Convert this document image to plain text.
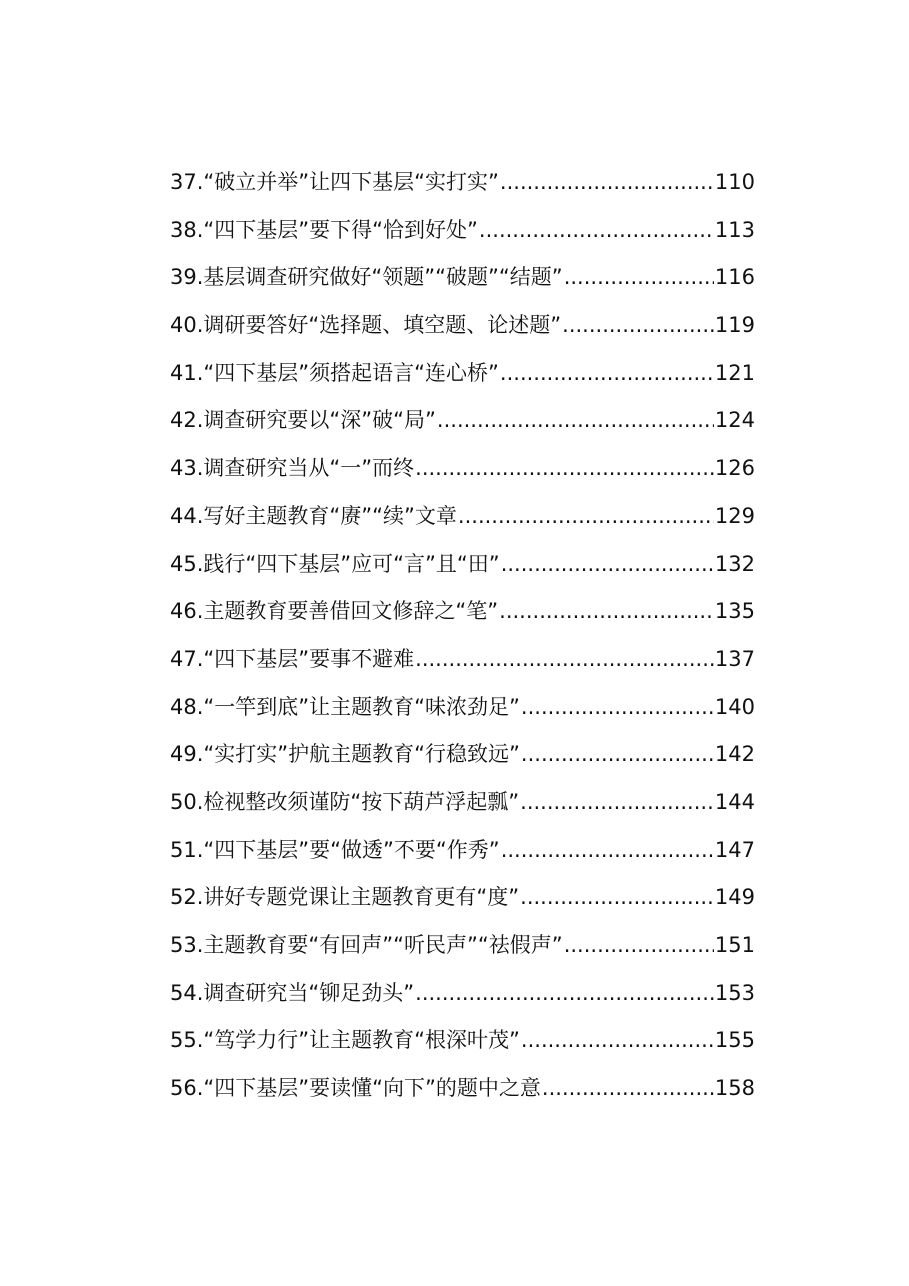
37.“破立并举”让四下基层“实打实” .....	110
38.“四下基层”要下得“恰到好处” .....	113
39.基层调查研究做好“领题”“破题”“结题” .....	116
40.调研要答好“选择题、填空题、论述题” .....	119
41.“四下基层”须搭起语言“连心桥” .....	121
42.调查研究要以“深”破“局” .....	124
43.调查研究当从“一”而终 .....	126
44.写好主题教育“赓”“续”文章 .....	129
45.践行“四下基层”应可“言”且“田” .....	132
46.主题教育要善借回文修辞之“笔” .....	135
47.“四下基层”要事不避难 .....	137
48.“一竿到底”让主题教育“味浓劲足” .....	140
49.“实打实”护航主题教育“行稳致远” .....	142
50.检视整改须谨防“按下葫芦浮起瓢” .....	144
51.“四下基层”要“做透”不要“作秀” .....	147
52.讲好专题党课让主题教育更有“度” .....	149
53.主题教育要“有回声”“听民声”“祛假声” .....	151
54.调查研究当“铆足劲头” .....	153
55.“笃学力行”让主题教育“根深叶茂” .....	155
56.“四下基层”要读懂“向下”的题中之意 .....	158
